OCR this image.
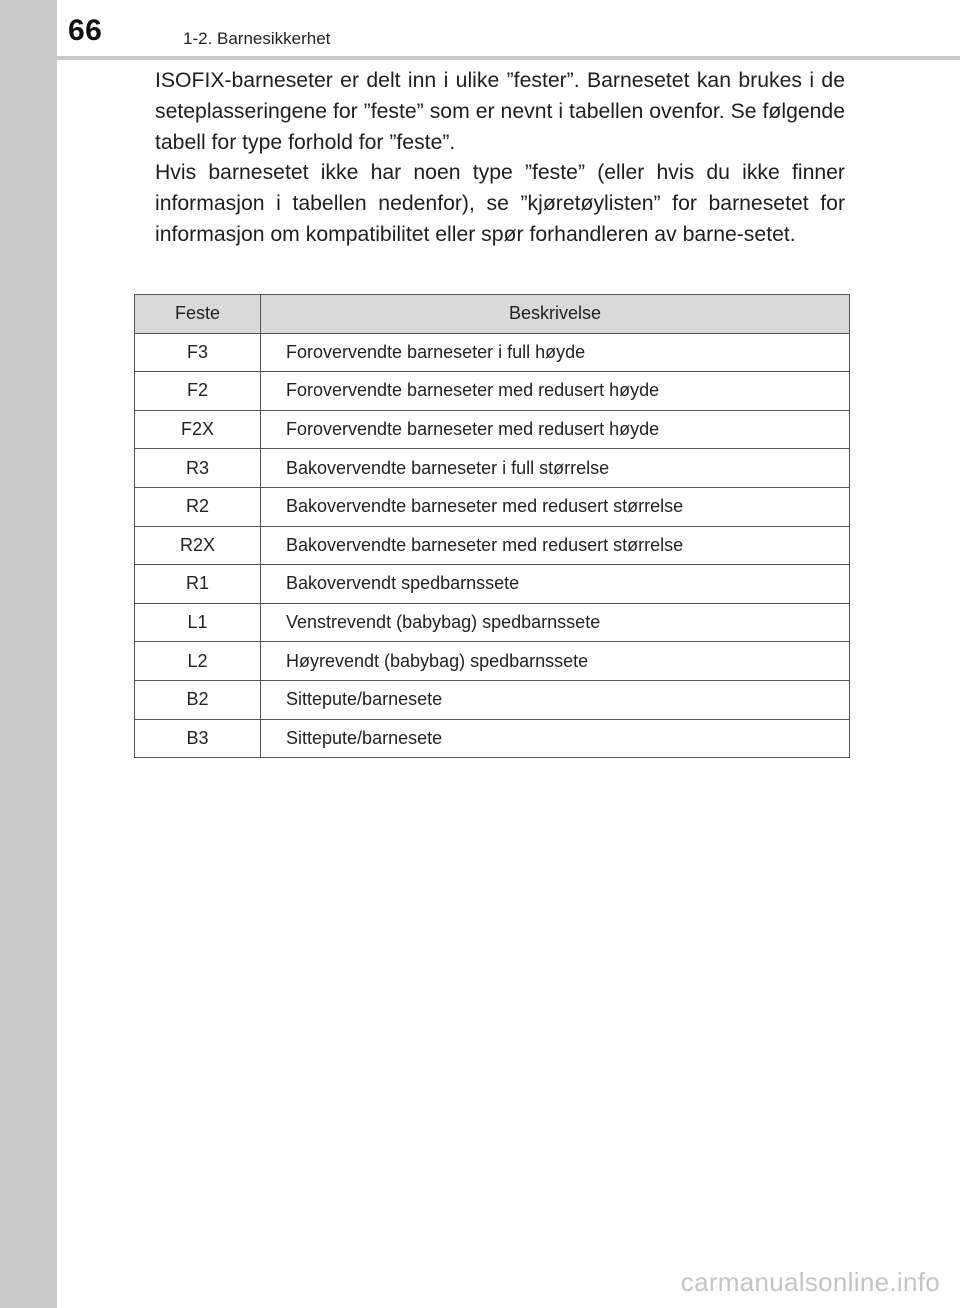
66	1-2. Barnesikkerhet

ISOFIX-barneseter er delt inn i ulike ”fester”. Barnesetet kan brukes i de seteplasseringene for ”feste” som er nevnt i tabellen ovenfor. Se følgende tabell for type forhold for ”feste”.

Hvis barnesetet ikke har noen type ”feste” (eller hvis du ikke finner informasjon i tabellen nedenfor), se ”kjøretøylisten” for barnesetet for informasjon om kompatibilitet eller spør forhandleren av barne-setet.

Feste	Beskrivelse
F3	Forovervendte barneseter i full høyde
F2	Forovervendte barneseter med redusert høyde
F2X	Forovervendte barneseter med redusert høyde
R3	Bakovervendte barneseter i full størrelse
R2	Bakovervendte barneseter med redusert størrelse
R2X	Bakovervendte barneseter med redusert størrelse
R1	Bakovervendt spedbarnssete
L1	Venstrevendt (babybag) spedbarnssete
L2	Høyrevendt (babybag) spedbarnssete
B2	Sittepute/barnesete
B3	Sittepute/barnesete
carmanualsonline.info
